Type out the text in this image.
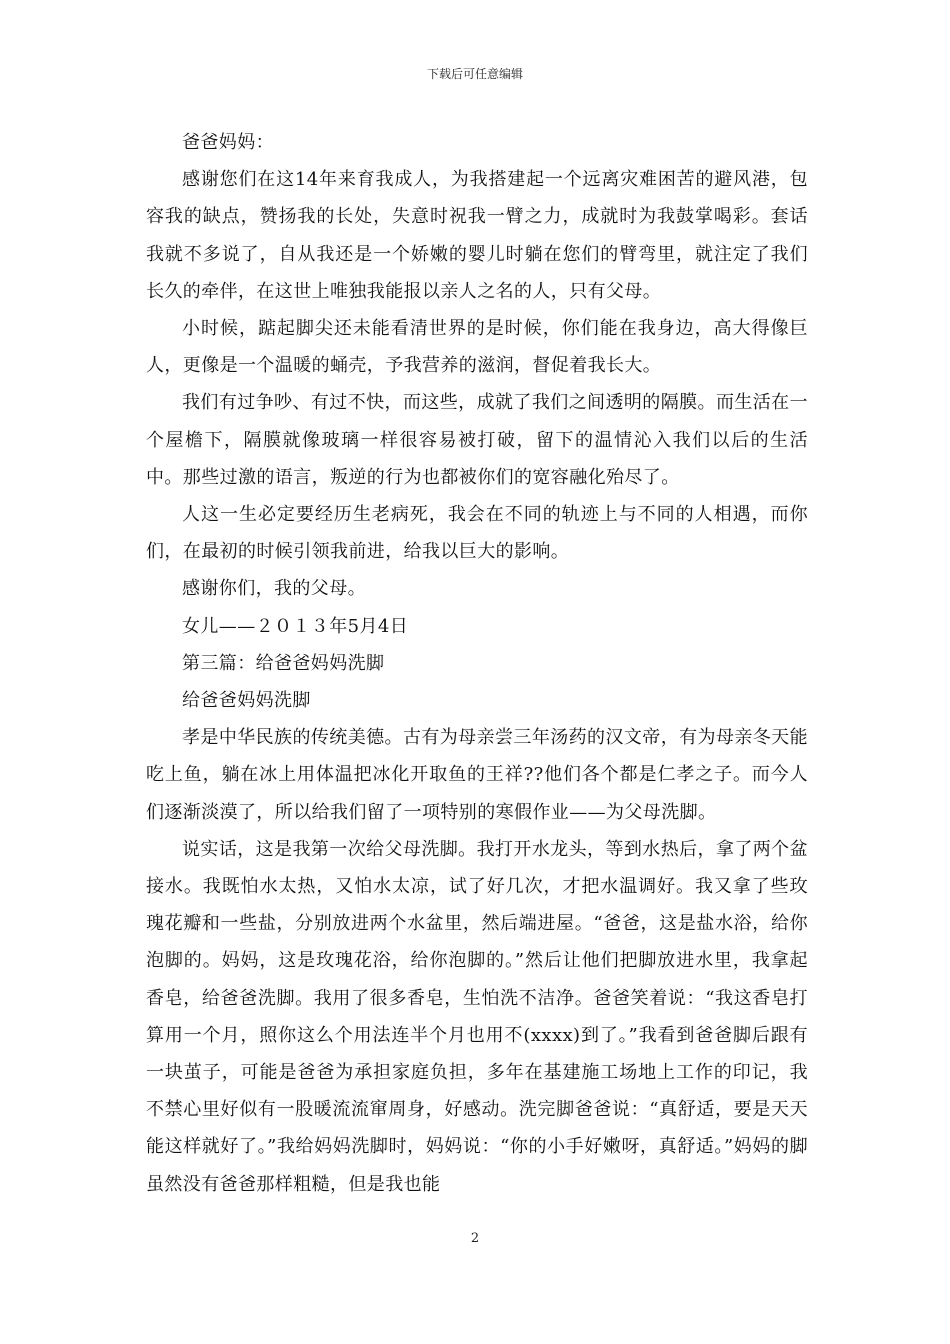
下载后可任意编辑

爸爸妈妈：

感谢您们在这14年来育我成人，为我搭建起一个远离灾难困苦的避风港，包容我的缺点，赞扬我的长处，失意时祝我一臂之力，成就时为我鼓掌喝彩。套话我就不多说了，自从我还是一个娇嫩的婴儿时躺在您们的臂弯里，就注定了我们长久的牵伴，在这世上唯独我能报以亲人之名的人，只有父母。

小时候，踮起脚尖还未能看清世界的是时候，你们能在我身边，高大得像巨人，更像是一个温暖的蛹壳，予我营养的滋润，督促着我长大。

我们有过争吵、有过不快，而这些，成就了我们之间透明的隔膜。而生活在一个屋檐下，隔膜就像玻璃一样很容易被打破，留下的温情沁入我们以后的生活中。那些过激的语言，叛逆的行为也都被你们的宽容融化殆尽了。

人这一生必定要经历生老病死，我会在不同的轨迹上与不同的人相遇，而你们，在最初的时候引领我前进，给我以巨大的影响。

感谢你们，我的父母。

女儿——２０１３年5月4日

第三篇：给爸爸妈妈洗脚

给爸爸妈妈洗脚

孝是中华民族的传统美德。古有为母亲尝三年汤药的汉文帝，有为母亲冬天能吃上鱼，躺在冰上用体温把冰化开取鱼的王祥??他们各个都是仁孝之子。而今人们逐渐淡漠了，所以给我们留了一项特别的寒假作业——为父母洗脚。

说实话，这是我第一次给父母洗脚。我打开水龙头，等到水热后，拿了两个盆接水。我既怕水太热，又怕水太凉，试了好几次，才把水温调好。我又拿了些玫瑰花瓣和一些盐，分别放进两个水盆里，然后端进屋。“爸爸，这是盐水浴，给你泡脚的。妈妈，这是玫瑰花浴，给你泡脚的。”然后让他们把脚放进水里，我拿起香皂，给爸爸洗脚。我用了很多香皂，生怕洗不洁净。爸爸笑着说：“我这香皂打算用一个月，照你这么个用法连半个月也用不(xxxx)到了。”我看到爸爸脚后跟有一块茧子，可能是爸爸为承担家庭负担，多年在基建施工场地上工作的印记，我不禁心里好似有一股暖流流窜周身，好感动。洗完脚爸爸说：“真舒适，要是天天能这样就好了。”我给妈妈洗脚时，妈妈说：“你的小手好嫩呀，真舒适。”妈妈的脚虽然没有爸爸那样粗糙，但是我也能

2
